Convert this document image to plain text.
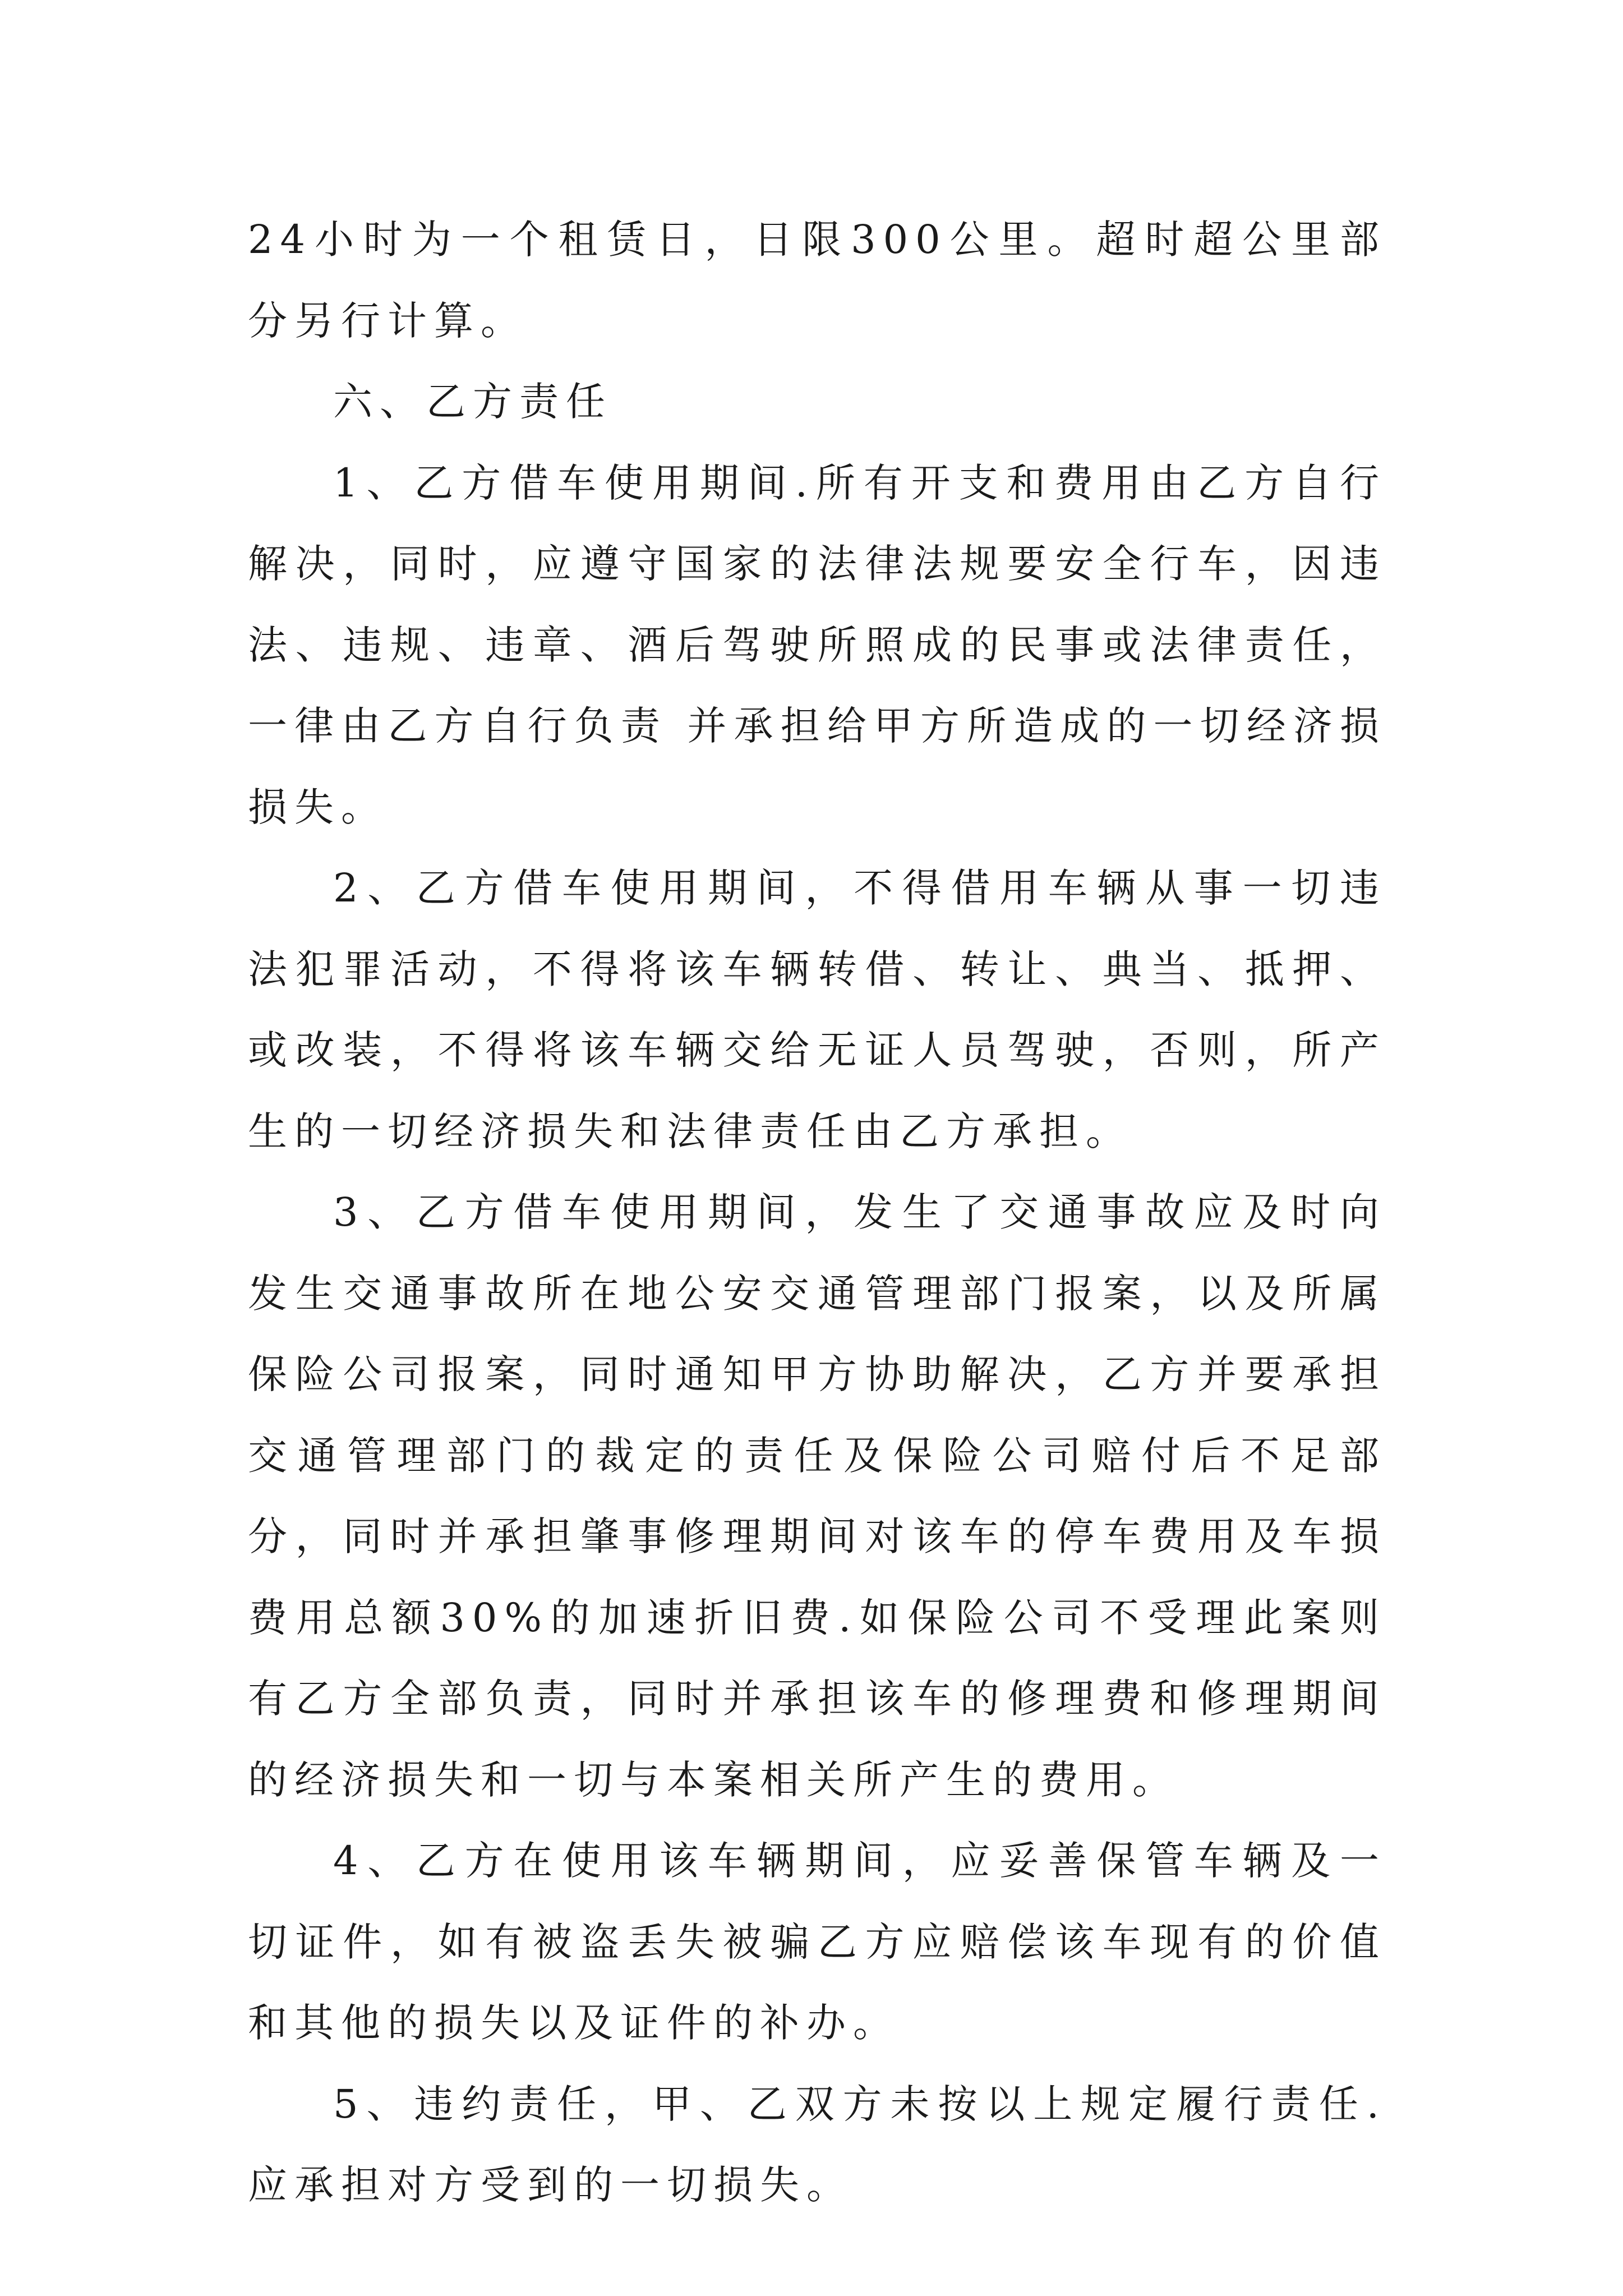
24小时为一个租赁日，日限300公里。超时超公里部分另行计算。

六、乙方责任

1、乙方借车使用期间.所有开支和费用由乙方自行解决，同时，应遵守国家的法律法规要安全行车，因违法、违规、违章、酒后驾驶所照成的民事或法律责任，一律由乙方自行负责 并承担给甲方所造成的一切经济损损失。

2、乙方借车使用期间，不得借用车辆从事一切违法犯罪活动，不得将该车辆转借、转让、典当、抵押、或改装，不得将该车辆交给无证人员驾驶，否则，所产生的一切经济损失和法律责任由乙方承担。

3、乙方借车使用期间，发生了交通事故应及时向发生交通事故所在地公安交通管理部门报案，以及所属保险公司报案，同时通知甲方协助解决，乙方并要承担交通管理部门的裁定的责任及保险公司赔付后不足部分，同时并承担肇事修理期间对该车的停车费用及车损费用总额30%的加速折旧费.如保险公司不受理此案则有乙方全部负责，同时并承担该车的修理费和修理期间的经济损失和一切与本案相关所产生的费用。

4、乙方在使用该车辆期间，应妥善保管车辆及一切证件，如有被盗丢失被骗乙方应赔偿该车现有的价值和其他的损失以及证件的补办。

5、违约责任，甲、乙双方未按以上规定履行责任.应承担对方受到的一切损失。
